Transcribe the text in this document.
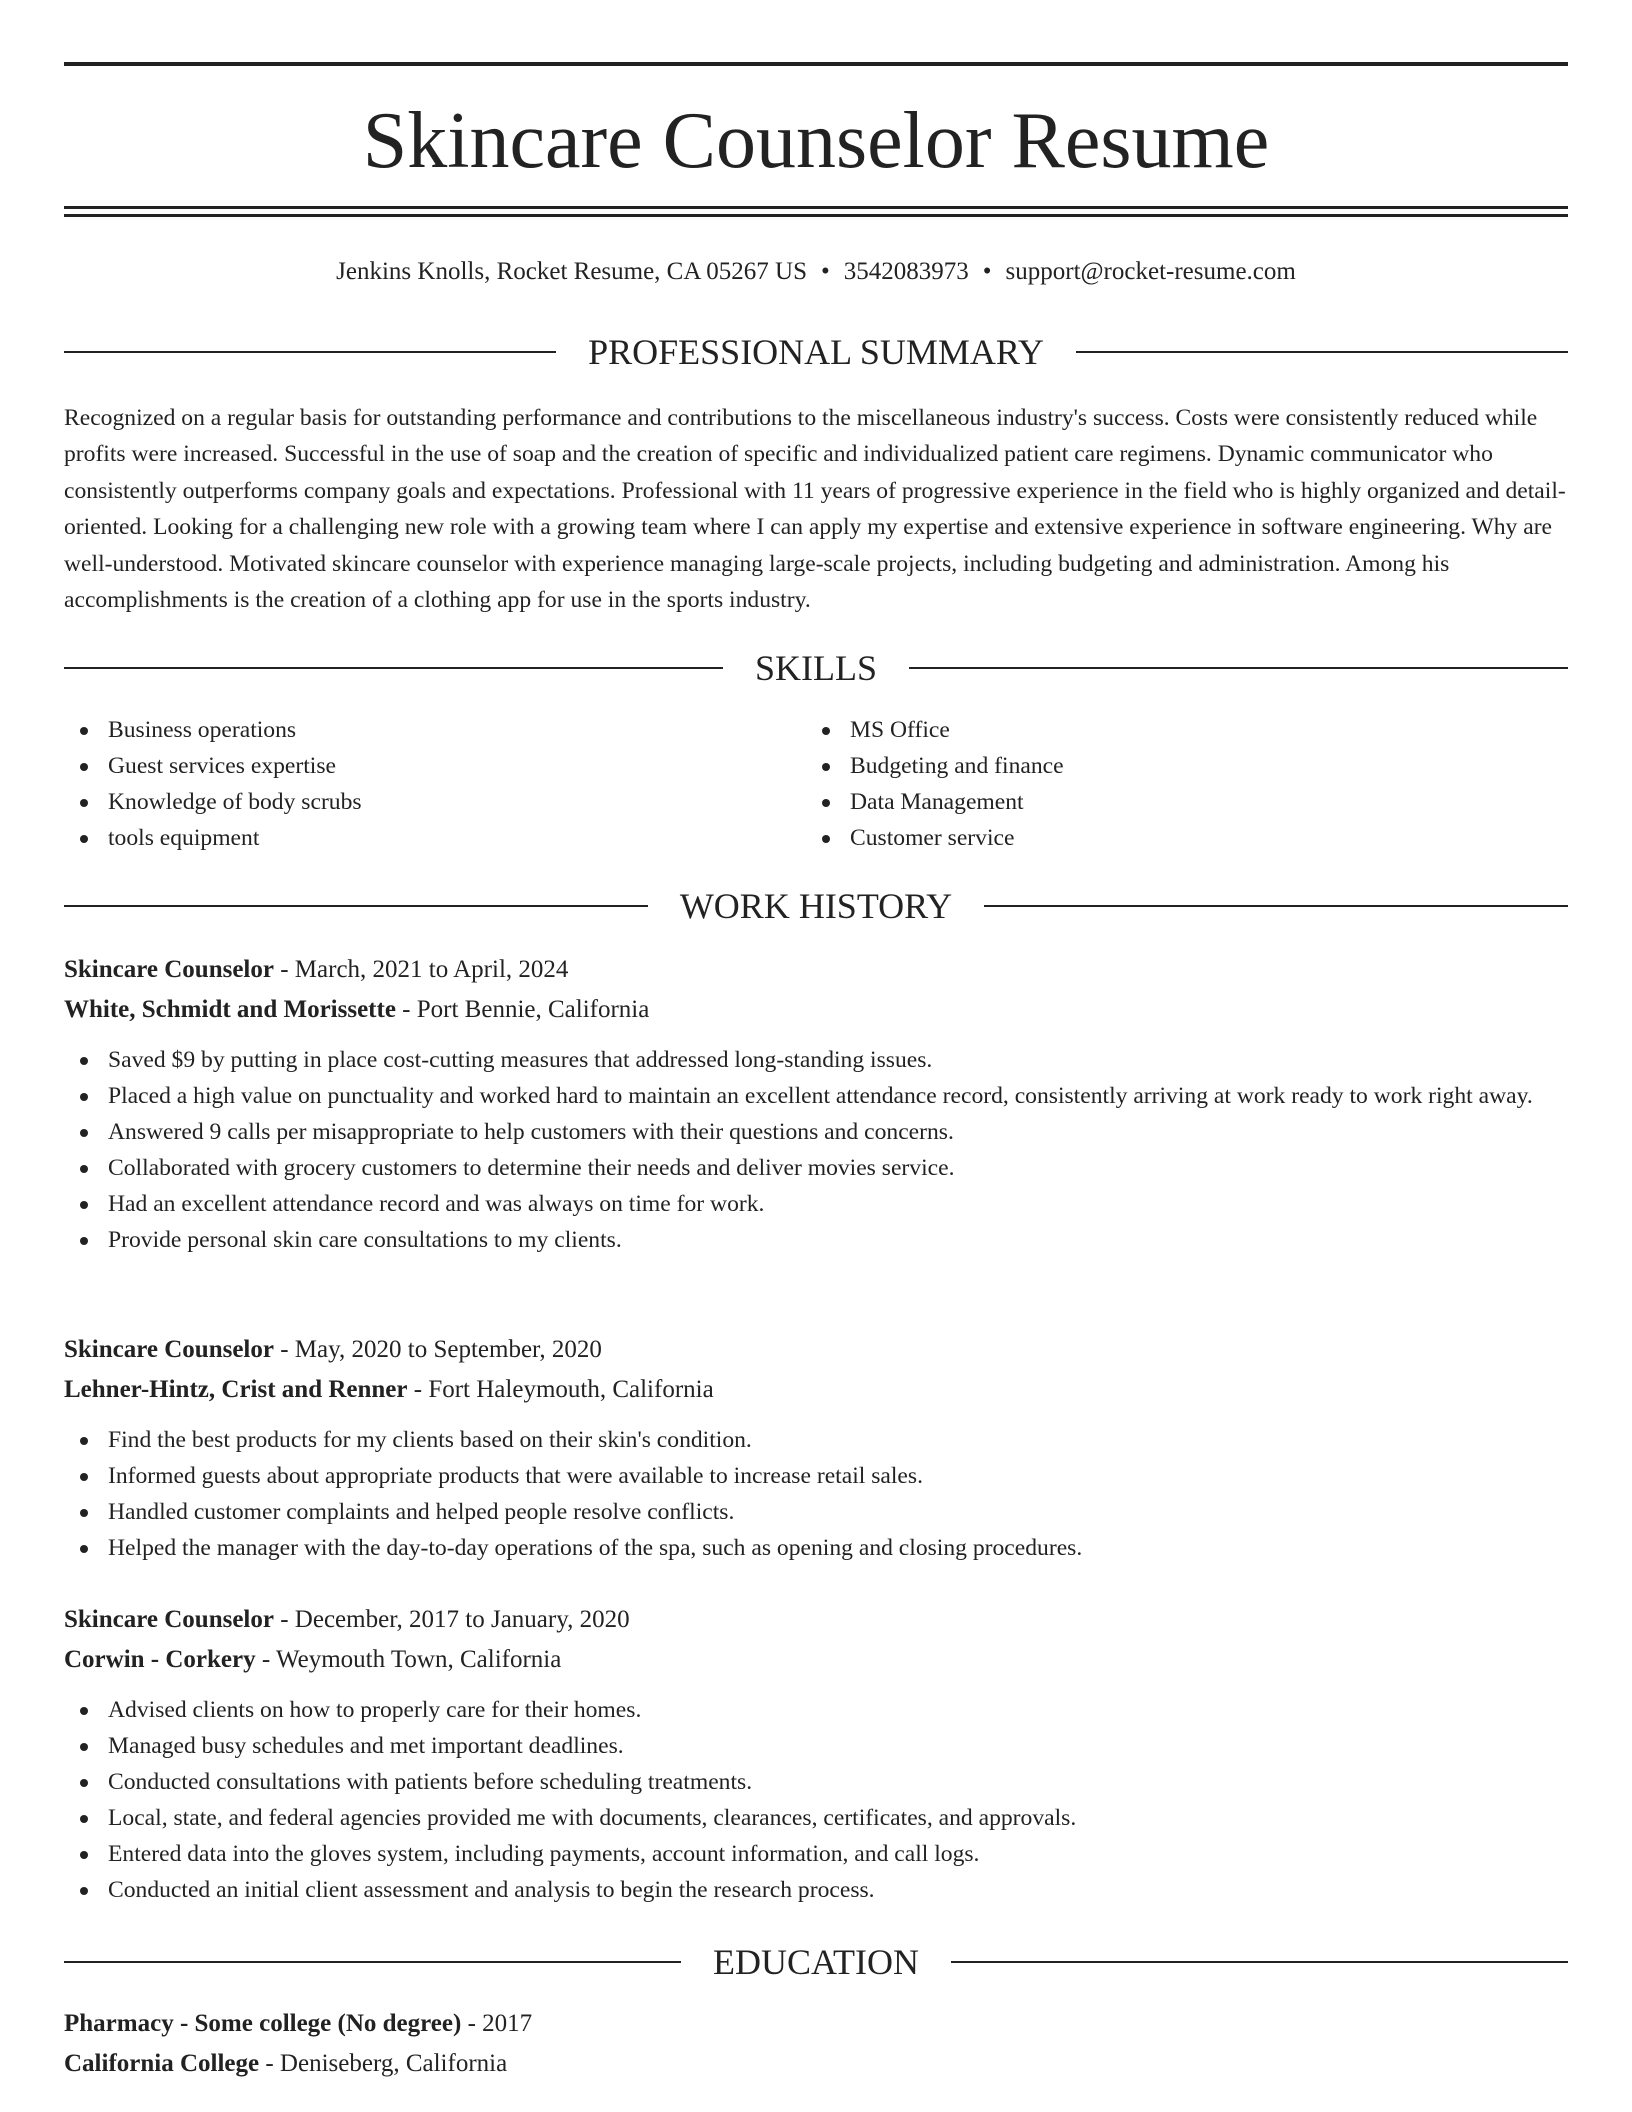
Skincare Counselor Resume
Jenkins Knolls, Rocket Resume, CA 05267 US • 3542083973 • support@rocket-resume.com
PROFESSIONAL SUMMARY

Recognized on a regular basis for outstanding performance and contributions to the miscellaneous industry's success. Costs were consistently reduced while profits were increased. Successful in the use of soap and the creation of specific and individualized patient care regimens. Dynamic communicator who consistently outperforms company goals and expectations. Professional with 11 years of progressive experience in the field who is highly organized and detail-oriented. Looking for a challenging new role with a growing team where I can apply my expertise and extensive experience in software engineering. Why are well-understood. Motivated skincare counselor with experience managing large-scale projects, including budgeting and administration. Among his accomplishments is the creation of a clothing app for use in the sports industry.

SKILLS
Business operations
Guest services expertise
Knowledge of body scrubs
tools equipment
MS Office
Budgeting and finance
Data Management
Customer service
WORK HISTORY
Skincare Counselor - March, 2021 to April, 2024
White, Schmidt and Morissette - Port Bennie, California
Saved $9 by putting in place cost-cutting measures that addressed long-standing issues.
Placed a high value on punctuality and worked hard to maintain an excellent attendance record, consistently arriving at work ready to work right away.
Answered 9 calls per misappropriate to help customers with their questions and concerns.
Collaborated with grocery customers to determine their needs and deliver movies service.
Had an excellent attendance record and was always on time for work.
Provide personal skin care consultations to my clients.
Skincare Counselor - May, 2020 to September, 2020
Lehner-Hintz, Crist and Renner - Fort Haleymouth, California
Find the best products for my clients based on their skin's condition.
Informed guests about appropriate products that were available to increase retail sales.
Handled customer complaints and helped people resolve conflicts.
Helped the manager with the day-to-day operations of the spa, such as opening and closing procedures.
Skincare Counselor - December, 2017 to January, 2020
Corwin - Corkery - Weymouth Town, California
Advised clients on how to properly care for their homes.
Managed busy schedules and met important deadlines.
Conducted consultations with patients before scheduling treatments.
Local, state, and federal agencies provided me with documents, clearances, certificates, and approvals.
Entered data into the gloves system, including payments, account information, and call logs.
Conducted an initial client assessment and analysis to begin the research process.
EDUCATION
Pharmacy - Some college (No degree) - 2017
California College - Deniseberg, California
